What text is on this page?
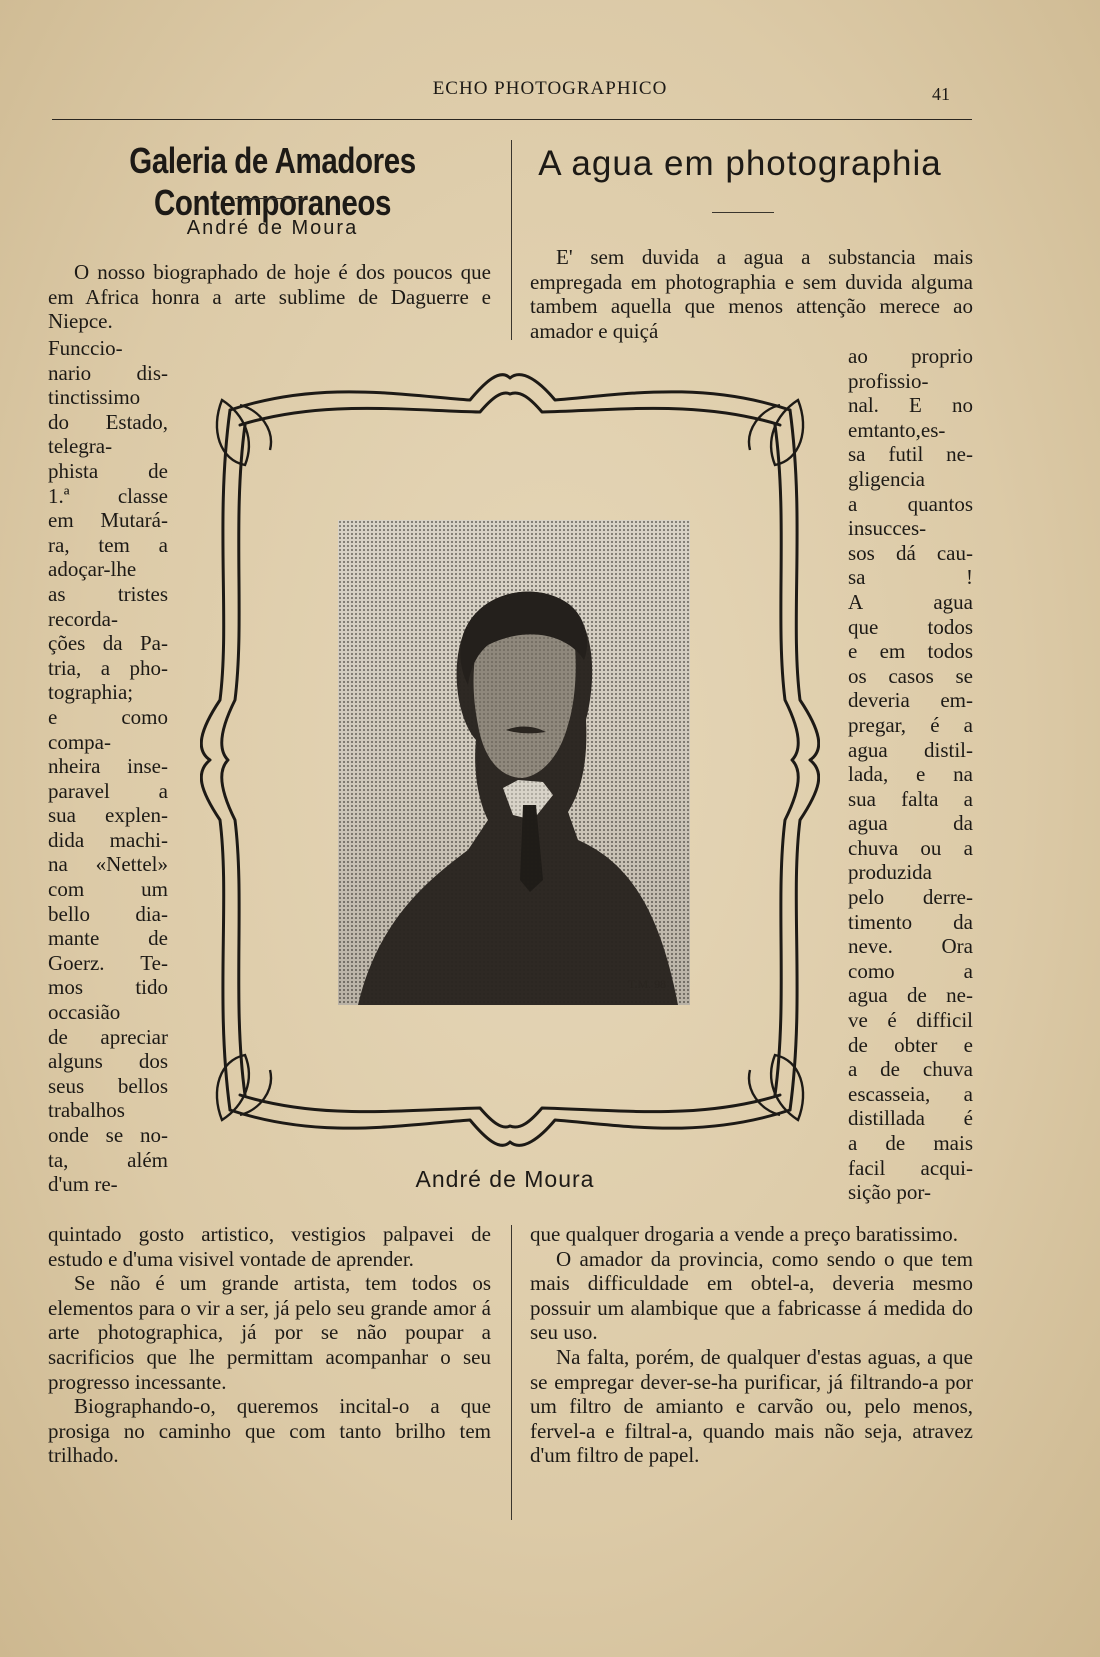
ECHO PHOTOGRAPHICO	41
Galeria de Amadores Contemporaneos
André de Moura

O nosso biographado de hoje é dos poucos que em Africa honra a arte sublime de Daguerre e Niepce.

Funccio-
nario dis-
tinctissimo
do Estado,
telegra-
phista de
1.ª classe
em Mutará-
ra, tem a
adoçar-lhe
as tristes
recorda-
ções da Pa-
tria, a pho-
tographia;
e como
compa-
nheira inse-
paravel a
sua explen-
dida machi-
na «Nettel»
com um
bello dia-
mante de
Goerz. Te-
mos tido
occasião
de apreciar
alguns dos
seus bellos
trabalhos
onde se no-
ta, além
d'um re-

quintado gosto artistico, vestigios palpavei de estudo e d'uma visivel vontade de aprender.

Se não é um grande artista, tem todos os elementos para o vir a ser, já pelo seu grande amor á arte photographica, já por se não poupar a sacrificios que lhe permittam acompanhar o seu progresso incessante.

Biographando-o, queremos incital-o a que prosiga no caminho que com tanto brilho tem trilhado.

A agua em photographia

E' sem duvida a agua a substancia mais empregada em photographia e sem duvida alguma tambem aquella que menos attenção merece ao amador e quiçá

ao proprio
profissio-
nal. E no
emtanto,es-
sa futil ne-
gligencia
a quantos
insucces-
sos dá cau-
sa !
A agua
que todos
e em todos
os casos se
deveria em-
pregar, é a
agua distil-
lada, e na
sua falta a
agua da
chuva ou a
produzida
pelo derre-
timento da
neve. Ora
como a
agua de ne-
ve é difficil
de obter e
a de chuva
escasseia, a
distillada é
a de mais
facil acqui-
sição por-

que qualquer drogaria a vende a preço baratissimo.

O amador da provincia, como sendo o que tem mais difficuldade em obtel-a, deveria mesmo possuir um alambique que a fabricasse á medida do seu uso.

Na falta, porém, de qualquer d'estas aguas, a que se empregar dever-se-ha purificar, já filtrando-a por um filtro de amianto e carvão ou, pelo menos, fervel-a e filtral-a, quando mais não seja, atravez d'um filtro de papel.

T.M. 98
André de Moura
